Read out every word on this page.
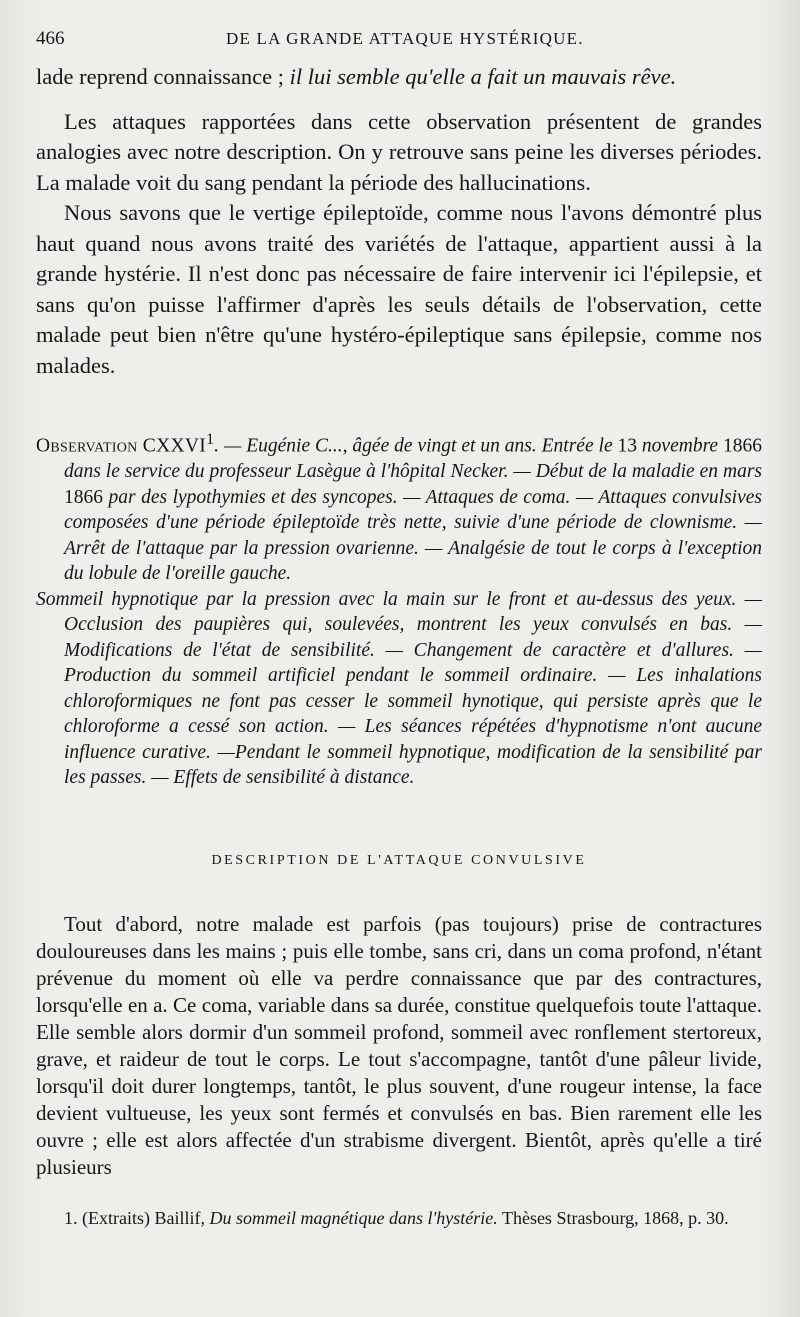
466	DE LA GRANDE ATTAQUE HYSTÉRIQUE.

lade reprend connaissance ; il lui semble qu'elle a fait un mauvais rêve.

Les attaques rapportées dans cette observation présentent de grandes analogies avec notre description. On y retrouve sans peine les diverses périodes. La malade voit du sang pendant la période des hallucinations.

Nous savons que le vertige épileptoïde, comme nous l'avons démontré plus haut quand nous avons traité des variétés de l'attaque, appartient aussi à la grande hystérie. Il n'est donc pas nécessaire de faire intervenir ici l'épilepsie, et sans qu'on puisse l'affirmer d'après les seuls détails de l'observation, cette malade peut bien n'être qu'une hystéro-épileptique sans épilepsie, comme nos malades.

Observation CXXVI$^1$. — Eugénie C..., âgée de vingt et un ans. Entrée le 13 novembre 1866 dans le service du professeur Lasègue à l'hôpital Necker. — Début de la maladie en mars 1866 par des lypothymies et des syncopes. — Attaques de coma. — Attaques convulsives composées d'une période épileptoïde très nette, suivie d'une période de clownisme. — Arrêt de l'attaque par la pression ovarienne. — Analgésie de tout le corps à l'exception du lobule de l'oreille gauche.

Sommeil hypnotique par la pression avec la main sur le front et au-dessus des yeux. — Occlusion des paupières qui, soulevées, montrent les yeux convulsés en bas. — Modifications de l'état de sensibilité. — Changement de caractère et d'allures. — Production du sommeil artificiel pendant le sommeil ordinaire. — Les inhalations chloroformiques ne font pas cesser le sommeil hynotique, qui persiste après que le chloroforme a cessé son action. — Les séances répétées d'hypnotisme n'ont aucune influence curative. —Pendant le sommeil hypnotique, modification de la sensibilité par les passes. — Effets de sensibilité à distance.

DESCRIPTION DE L'ATTAQUE CONVULSIVE

Tout d'abord, notre malade est parfois (pas toujours) prise de contractures douloureuses dans les mains ; puis elle tombe, sans cri, dans un coma profond, n'étant prévenue du moment où elle va perdre connaissance que par des contractures, lorsqu'elle en a. Ce coma, variable dans sa durée, constitue quelquefois toute l'attaque. Elle semble alors dormir d'un sommeil profond, sommeil avec ronflement stertoreux, grave, et raideur de tout le corps. Le tout s'accompagne, tantôt d'une pâleur livide, lorsqu'il doit durer longtemps, tantôt, le plus souvent, d'une rougeur intense, la face devient vultueuse, les yeux sont fermés et convulsés en bas. Bien rarement elle les ouvre ; elle est alors affectée d'un strabisme divergent. Bientôt, après qu'elle a tiré plusieurs

1. (Extraits) Baillif, Du sommeil magnétique dans l'hystérie. Thèses Strasbourg, 1868, p. 30.
